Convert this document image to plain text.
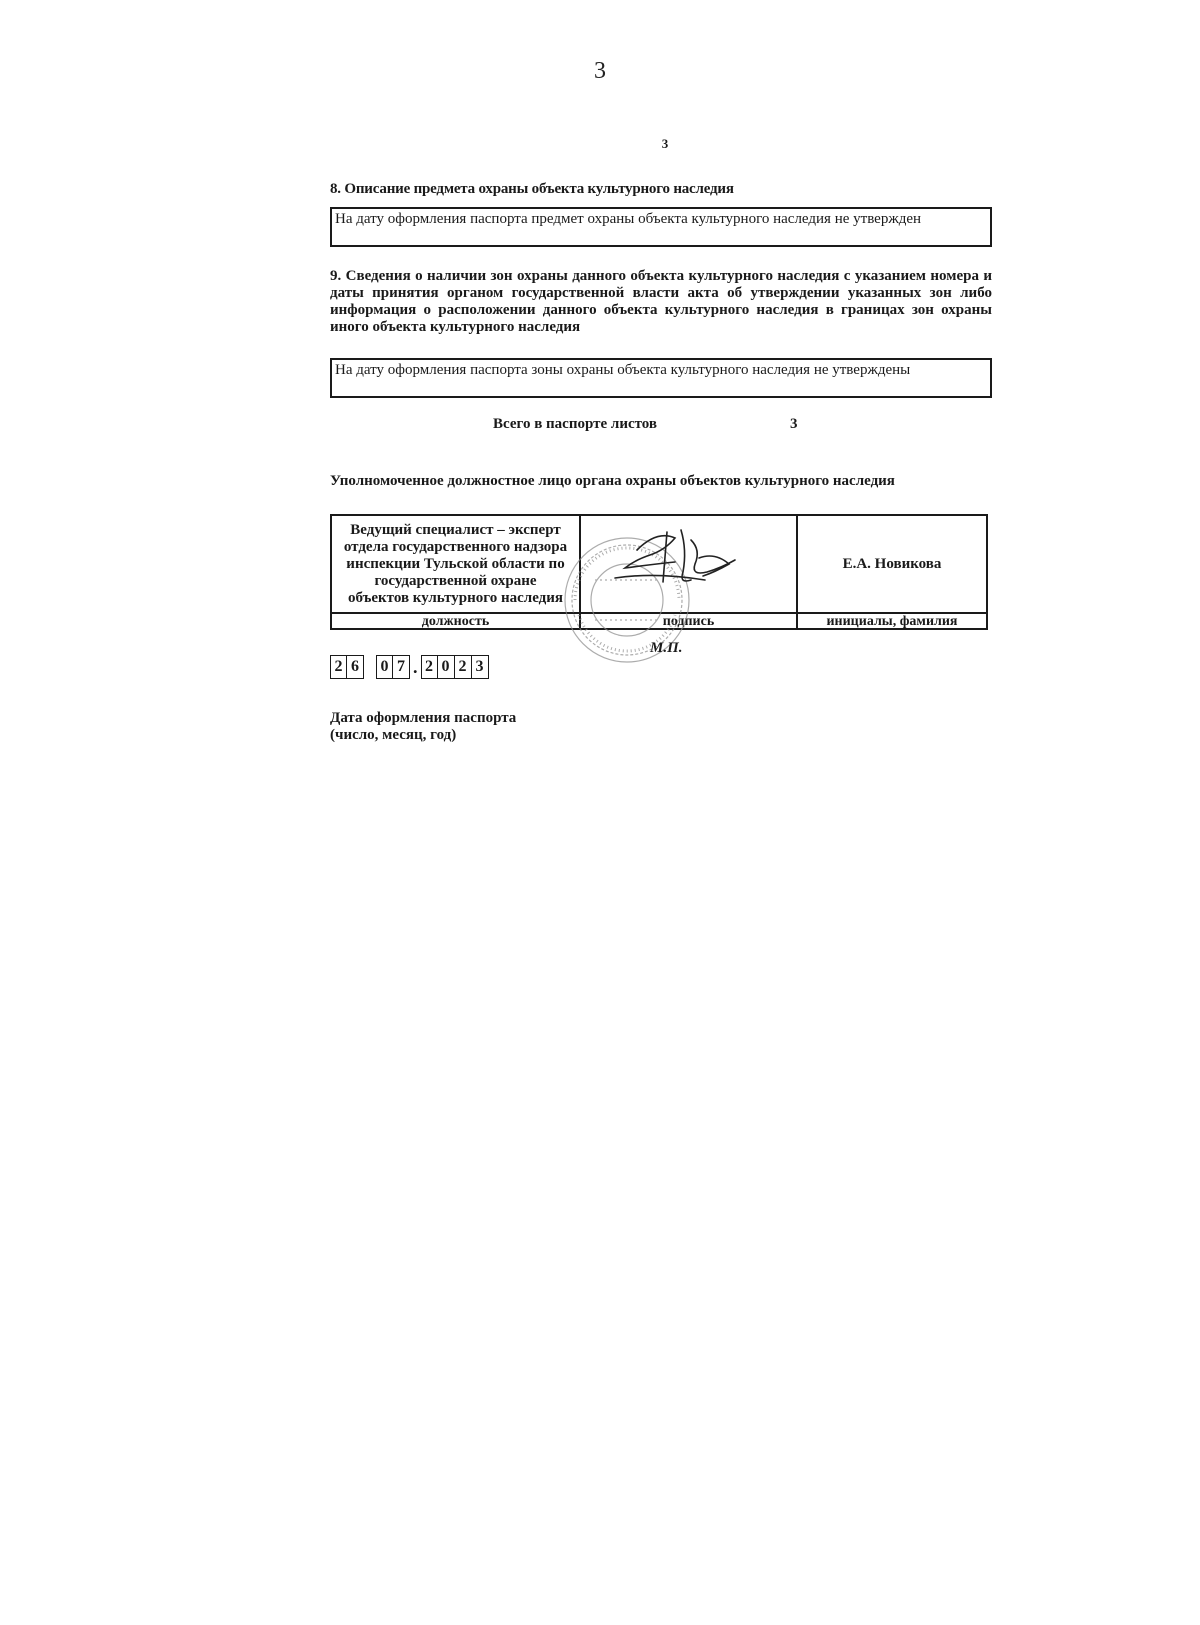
3
3
8. Описание предмета охраны объекта культурного наследия
На дату оформления паспорта предмет охраны объекта культурного наследия не утвержден
9. Сведения о наличии зон охраны данного объекта культурного наследия с указанием номера и даты принятия органом государственной власти акта об утверждении указанных зон либо информация о расположении данного объекта культурного наследия в границах зон охраны иного объекта культурного наследия
На дату оформления паспорта зоны охраны объекта культурного наследия не утверждены
Всего в паспорте листов	3
Уполномоченное должностное лицо органа охраны объектов культурного наследия
Ведущий специалист – эксперт
отдела государственного надзора
инспекции Тульской области по
государственной охране
объектов культурного наследия		Е.А. Новикова
должность	подпись	инициалы, фамилия
М.П.
2 6	0 7 . 2 0 2 3
Дата оформления паспорта
(число, месяц, год)
